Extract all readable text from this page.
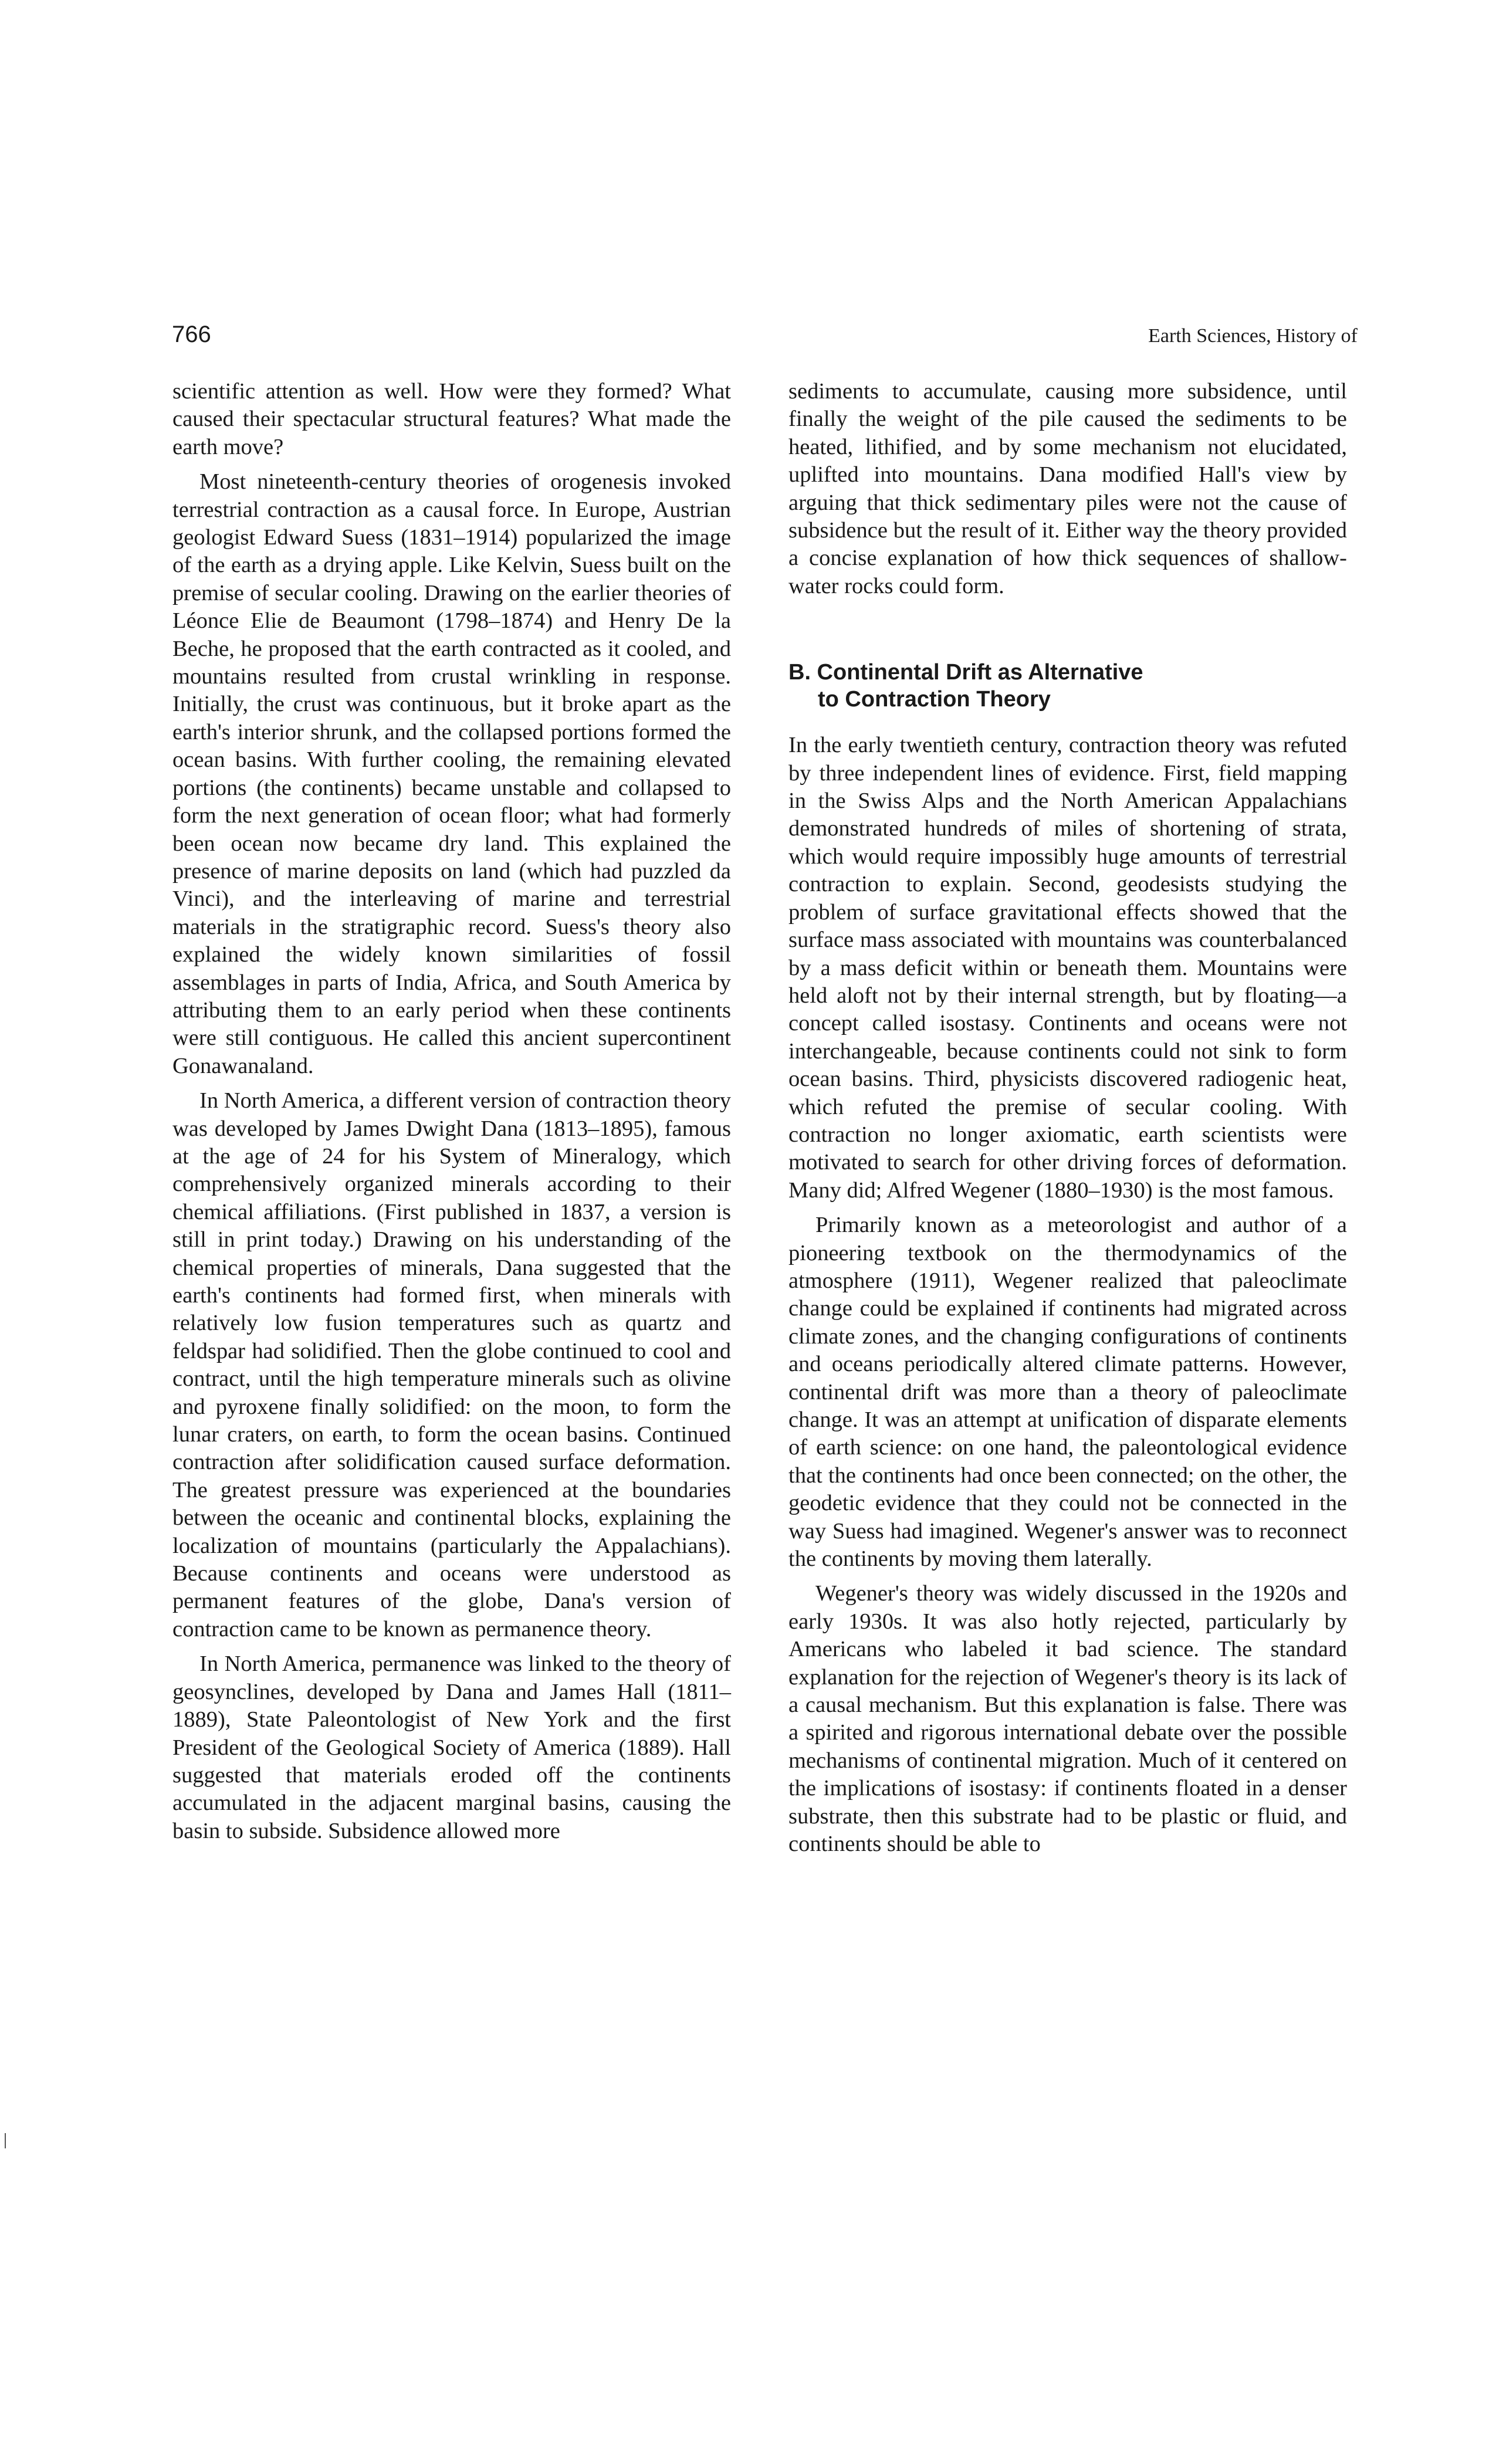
766	Earth Sciences, History of

scientific attention as well. How were they formed? What caused their spectacular structural features? What made the earth move?

Most nineteenth-century theories of orogenesis invoked terrestrial contraction as a causal force. In Europe, Austrian geologist Edward Suess (1831–1914) popularized the image of the earth as a drying apple. Like Kelvin, Suess built on the premise of secular cooling. Drawing on the earlier theories of Léonce Elie de Beaumont (1798–1874) and Henry De la Beche, he proposed that the earth contracted as it cooled, and mountains resulted from crustal wrinkling in response. Initially, the crust was continuous, but it broke apart as the earth's interior shrunk, and the collapsed portions formed the ocean basins. With further cooling, the remaining elevated portions (the continents) became unstable and collapsed to form the next generation of ocean floor; what had formerly been ocean now became dry land. This explained the presence of marine deposits on land (which had puzzled da Vinci), and the interleaving of marine and terrestrial materials in the stratigraphic record. Suess's theory also explained the widely known similarities of fossil assemblages in parts of India, Africa, and South America by attributing them to an early period when these continents were still contiguous. He called this ancient supercontinent Gonawanaland.

In North America, a different version of contraction theory was developed by James Dwight Dana (1813–1895), famous at the age of 24 for his System of Mineralogy, which comprehensively organized minerals according to their chemical affiliations. (First published in 1837, a version is still in print today.) Drawing on his understanding of the chemical properties of minerals, Dana suggested that the earth's continents had formed first, when minerals with relatively low fusion temperatures such as quartz and feldspar had solidified. Then the globe continued to cool and contract, until the high temperature minerals such as olivine and pyroxene finally solidified: on the moon, to form the lunar craters, on earth, to form the ocean basins. Continued contraction after solidification caused surface deformation. The greatest pressure was experienced at the boundaries between the oceanic and continental blocks, explaining the localization of mountains (particularly the Appalachians). Because continents and oceans were understood as permanent features of the globe, Dana's version of contraction came to be known as permanence theory.

In North America, permanence was linked to the theory of geosynclines, developed by Dana and James Hall (1811–1889), State Paleontologist of New York and the first President of the Geological Society of America (1889). Hall suggested that materials eroded off the continents accumulated in the adjacent marginal basins, causing the basin to subside. Subsidence allowed more

sediments to accumulate, causing more subsidence, until finally the weight of the pile caused the sediments to be heated, lithified, and by some mechanism not elucidated, uplifted into mountains. Dana modified Hall's view by arguing that thick sedimentary piles were not the cause of subsidence but the result of it. Either way the theory provided a concise explanation of how thick sequences of shallow-water rocks could form.

B. Continental Drift as Alternative
to Contraction Theory

In the early twentieth century, contraction theory was refuted by three independent lines of evidence. First, field mapping in the Swiss Alps and the North American Appalachians demonstrated hundreds of miles of shortening of strata, which would require impossibly huge amounts of terrestrial contraction to explain. Second, geodesists studying the problem of surface gravitational effects showed that the surface mass associated with mountains was counterbalanced by a mass deficit within or beneath them. Mountains were held aloft not by their internal strength, but by floating—a concept called isostasy. Continents and oceans were not interchangeable, because continents could not sink to form ocean basins. Third, physicists discovered radiogenic heat, which refuted the premise of secular cooling. With contraction no longer axiomatic, earth scientists were motivated to search for other driving forces of deformation. Many did; Alfred Wegener (1880–1930) is the most famous.

Primarily known as a meteorologist and author of a pioneering textbook on the thermodynamics of the atmosphere (1911), Wegener realized that paleoclimate change could be explained if continents had migrated across climate zones, and the changing configurations of continents and oceans periodically altered climate patterns. However, continental drift was more than a theory of paleoclimate change. It was an attempt at unification of disparate elements of earth science: on one hand, the paleontological evidence that the continents had once been connected; on the other, the geodetic evidence that they could not be connected in the way Suess had imagined. Wegener's answer was to reconnect the continents by moving them laterally.

Wegener's theory was widely discussed in the 1920s and early 1930s. It was also hotly rejected, particularly by Americans who labeled it bad science. The standard explanation for the rejection of Wegener's theory is its lack of a causal mechanism. But this explanation is false. There was a spirited and rigorous international debate over the possible mechanisms of continental migration. Much of it centered on the implications of isostasy: if continents floated in a denser substrate, then this substrate had to be plastic or fluid, and continents should be able to
